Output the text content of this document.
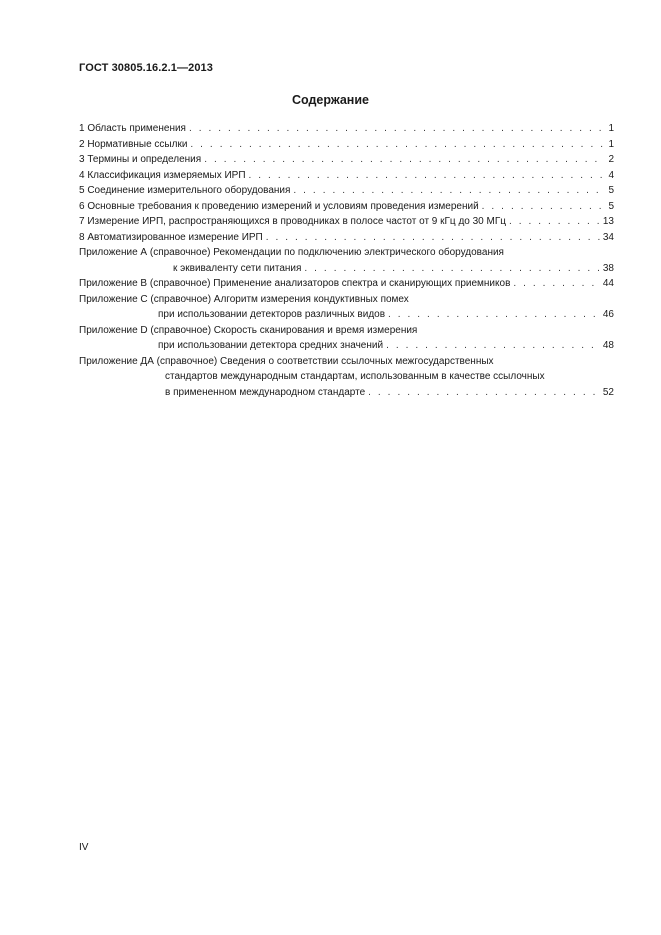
ГОСТ 30805.16.2.1—2013
Содержание
1 Область применения . . .	1
2 Нормативные ссылки . . .	1
3 Термины и определения . . .	2
4 Классификация измеряемых ИРП . . .	4
5 Соединение измерительного оборудования . . .	5
6 Основные требования к проведению измерений и условиям проведения измерений . . .	5
7 Измерение ИРП, распространяющихся в проводниках в полосе частот от 9 кГц до 30 МГц . . .	13
8 Автоматизированное измерение ИРП . . .	34
Приложение А (справочное) Рекомендации по подключению электрического оборудования
к эквиваленту сети питания . . .	38
Приложение В (справочное) Применение анализаторов спектра и сканирующих приемников . . .	44
Приложение С (справочное) Алгоритм измерения кондуктивных помех
при использовании детекторов различных видов . . .	46
Приложение D (справочное) Скорость сканирования и время измерения
при использовании детектора средних значений . . .	48
Приложение ДА (справочное) Сведения о соответствии ссылочных межгосударственных
стандартов международным стандартам, использованным в качестве ссылочных
в примененном международном стандарте . . .	52
IV
